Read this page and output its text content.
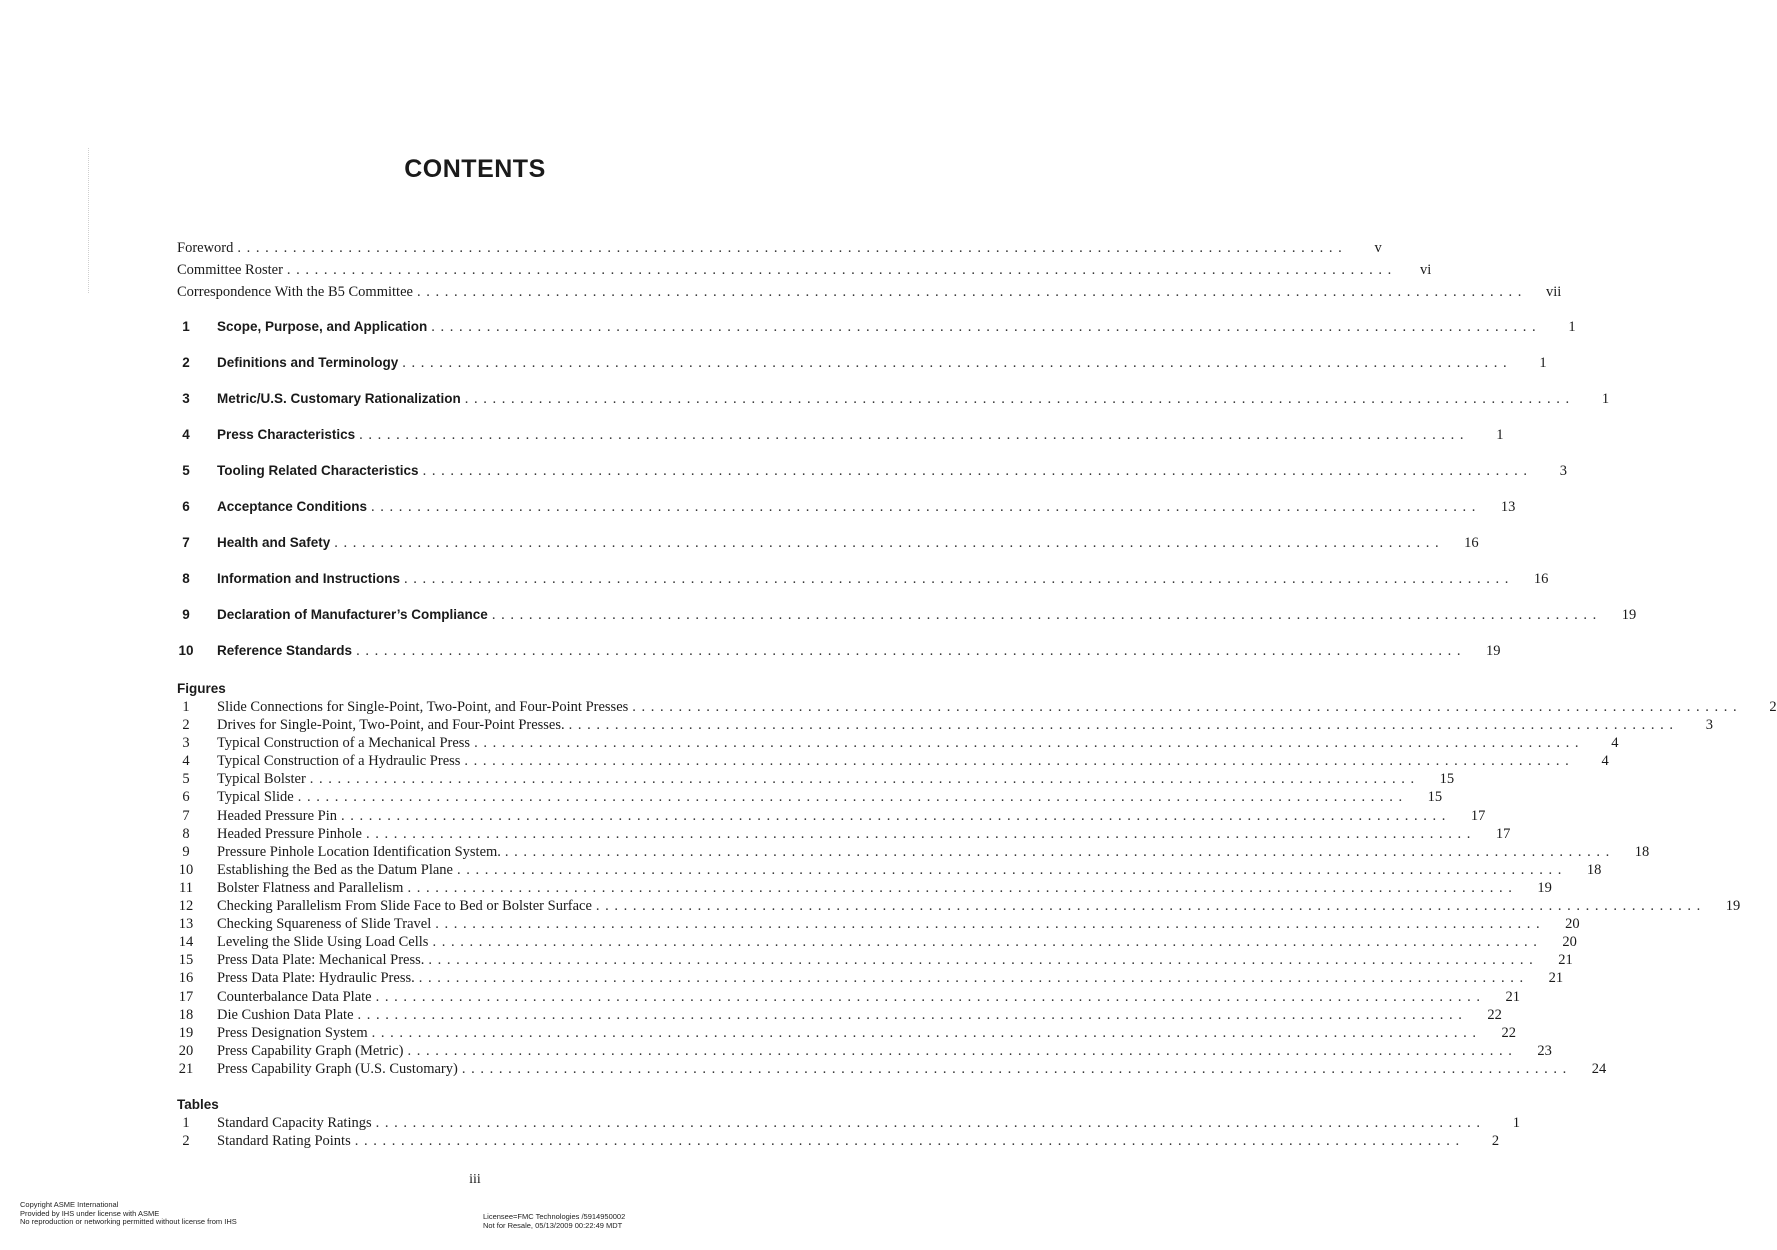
CONTENTS
Foreword . . . . . . . . . . . . . . . . . . . . . . . . . . . . . . . . . . . . . . . . . . . . . . . . . . . . . . . . . . . . . . . . . . . . . . . . . . . . . . . . . . . . . . . . . . . . . . . . . . . . . . . . . . . . . . . . . . . . . . . .	v
Committee Roster . . . . . . . . . . . . . . . . . . . . . . . . . . . . . . . . . . . . . . . . . . . . . . . . . . . . . . . . . . . . . . . . . . . . . . . . . . . . . . . . . . . . . . . . . . . . . . . . . . . . . . . . . . . . . . . . . . . . . . . .	vi
Correspondence With the B5 Committee . . . . . . . . . . . . . . . . . . . . . . . . . . . . . . . . . . . . . . . . . . . . . . . . . . . . . . . . . . . . . . . . . . . . . . . . . . . . . . . . . . . . . . . . . . . . . . . . . . . . . . . . . . . . . . . . . . . . . . . .	vii
1	Scope, Purpose, and Application . . . . . . . . . . . . . . . . . . . . . . . . . . . . . . . . . . . . . . . . . . . . . . . . . . . . . . . . . . . . . . . . . . . . . . . . . . . . . . . . . . . . . . . . . . . . . . . . . . . . . . . . . . . . . . . . . . . . . . . .	1
2	Definitions and Terminology . . . . . . . . . . . . . . . . . . . . . . . . . . . . . . . . . . . . . . . . . . . . . . . . . . . . . . . . . . . . . . . . . . . . . . . . . . . . . . . . . . . . . . . . . . . . . . . . . . . . . . . . . . . . . . . . . . . . . . . .	1
3	Metric/U.S. Customary Rationalization . . . . . . . . . . . . . . . . . . . . . . . . . . . . . . . . . . . . . . . . . . . . . . . . . . . . . . . . . . . . . . . . . . . . . . . . . . . . . . . . . . . . . . . . . . . . . . . . . . . . . . . . . . . . . . . . . . . . . . . .	1
4	Press Characteristics . . . . . . . . . . . . . . . . . . . . . . . . . . . . . . . . . . . . . . . . . . . . . . . . . . . . . . . . . . . . . . . . . . . . . . . . . . . . . . . . . . . . . . . . . . . . . . . . . . . . . . . . . . . . . . . . . . . . . . . .	1
5	Tooling Related Characteristics . . . . . . . . . . . . . . . . . . . . . . . . . . . . . . . . . . . . . . . . . . . . . . . . . . . . . . . . . . . . . . . . . . . . . . . . . . . . . . . . . . . . . . . . . . . . . . . . . . . . . . . . . . . . . . . . . . . . . . . .	3
6	Acceptance Conditions . . . . . . . . . . . . . . . . . . . . . . . . . . . . . . . . . . . . . . . . . . . . . . . . . . . . . . . . . . . . . . . . . . . . . . . . . . . . . . . . . . . . . . . . . . . . . . . . . . . . . . . . . . . . . . . . . . . . . . . .	13
7	Health and Safety . . . . . . . . . . . . . . . . . . . . . . . . . . . . . . . . . . . . . . . . . . . . . . . . . . . . . . . . . . . . . . . . . . . . . . . . . . . . . . . . . . . . . . . . . . . . . . . . . . . . . . . . . . . . . . . . . . . . . . . .	16
8	Information and Instructions . . . . . . . . . . . . . . . . . . . . . . . . . . . . . . . . . . . . . . . . . . . . . . . . . . . . . . . . . . . . . . . . . . . . . . . . . . . . . . . . . . . . . . . . . . . . . . . . . . . . . . . . . . . . . . . . . . . . . . . .	16
9	Declaration of Manufacturer’s Compliance . . . . . . . . . . . . . . . . . . . . . . . . . . . . . . . . . . . . . . . . . . . . . . . . . . . . . . . . . . . . . . . . . . . . . . . . . . . . . . . . . . . . . . . . . . . . . . . . . . . . . . . . . . . . . . . . . . . . . . . .	19
10	Reference Standards . . . . . . . . . . . . . . . . . . . . . . . . . . . . . . . . . . . . . . . . . . . . . . . . . . . . . . . . . . . . . . . . . . . . . . . . . . . . . . . . . . . . . . . . . . . . . . . . . . . . . . . . . . . . . . . . . . . . . . . .	19
Figures
1	Slide Connections for Single-Point, Two-Point, and Four-Point Presses . . . . . . . . . . . . . . . . . . . . . . . . . . . . . . . . . . . . . . . . . . . . . . . . . . . . . . . . . . . . . . . . . . . . . . . . . . . . . . . . . . . . . . . . . . . . . . . . . . . . . . . . . . . . . . . . . . . . . . . .	2
2	Drives for Single-Point, Two-Point, and Four-Point Presses. . . . . . . . . . . . . . . . . . . . . . . . . . . . . . . . . . . . . . . . . . . . . . . . . . . . . . . . . . . . . . . . . . . . . . . . . . . . . . . . . . . . . . . . . . . . . . . . . . . . . . . . . . . . . . . . . . . . . . . . .	3
3	Typical Construction of a Mechanical Press . . . . . . . . . . . . . . . . . . . . . . . . . . . . . . . . . . . . . . . . . . . . . . . . . . . . . . . . . . . . . . . . . . . . . . . . . . . . . . . . . . . . . . . . . . . . . . . . . . . . . . . . . . . . . . . . . . . . . . . .	4
4	Typical Construction of a Hydraulic Press . . . . . . . . . . . . . . . . . . . . . . . . . . . . . . . . . . . . . . . . . . . . . . . . . . . . . . . . . . . . . . . . . . . . . . . . . . . . . . . . . . . . . . . . . . . . . . . . . . . . . . . . . . . . . . . . . . . . . . . .	4
5	Typical Bolster . . . . . . . . . . . . . . . . . . . . . . . . . . . . . . . . . . . . . . . . . . . . . . . . . . . . . . . . . . . . . . . . . . . . . . . . . . . . . . . . . . . . . . . . . . . . . . . . . . . . . . . . . . . . . . . . . . . . . . . .	15
6	Typical Slide . . . . . . . . . . . . . . . . . . . . . . . . . . . . . . . . . . . . . . . . . . . . . . . . . . . . . . . . . . . . . . . . . . . . . . . . . . . . . . . . . . . . . . . . . . . . . . . . . . . . . . . . . . . . . . . . . . . . . . . .	15
7	Headed Pressure Pin . . . . . . . . . . . . . . . . . . . . . . . . . . . . . . . . . . . . . . . . . . . . . . . . . . . . . . . . . . . . . . . . . . . . . . . . . . . . . . . . . . . . . . . . . . . . . . . . . . . . . . . . . . . . . . . . . . . . . . . .	17
8	Headed Pressure Pinhole . . . . . . . . . . . . . . . . . . . . . . . . . . . . . . . . . . . . . . . . . . . . . . . . . . . . . . . . . . . . . . . . . . . . . . . . . . . . . . . . . . . . . . . . . . . . . . . . . . . . . . . . . . . . . . . . . . . . . . . .	17
9	Pressure Pinhole Location Identification System. . . . . . . . . . . . . . . . . . . . . . . . . . . . . . . . . . . . . . . . . . . . . . . . . . . . . . . . . . . . . . . . . . . . . . . . . . . . . . . . . . . . . . . . . . . . . . . . . . . . . . . . . . . . . . . . . . . . . . . . .	18
10	Establishing the Bed as the Datum Plane . . . . . . . . . . . . . . . . . . . . . . . . . . . . . . . . . . . . . . . . . . . . . . . . . . . . . . . . . . . . . . . . . . . . . . . . . . . . . . . . . . . . . . . . . . . . . . . . . . . . . . . . . . . . . . . . . . . . . . . .	18
11	Bolster Flatness and Parallelism . . . . . . . . . . . . . . . . . . . . . . . . . . . . . . . . . . . . . . . . . . . . . . . . . . . . . . . . . . . . . . . . . . . . . . . . . . . . . . . . . . . . . . . . . . . . . . . . . . . . . . . . . . . . . . . . . . . . . . . .	19
12	Checking Parallelism From Slide Face to Bed or Bolster Surface . . . . . . . . . . . . . . . . . . . . . . . . . . . . . . . . . . . . . . . . . . . . . . . . . . . . . . . . . . . . . . . . . . . . . . . . . . . . . . . . . . . . . . . . . . . . . . . . . . . . . . . . . . . . . . . . . . . . . . . .	19
13	Checking Squareness of Slide Travel . . . . . . . . . . . . . . . . . . . . . . . . . . . . . . . . . . . . . . . . . . . . . . . . . . . . . . . . . . . . . . . . . . . . . . . . . . . . . . . . . . . . . . . . . . . . . . . . . . . . . . . . . . . . . . . . . . . . . . . .	20
14	Leveling the Slide Using Load Cells . . . . . . . . . . . . . . . . . . . . . . . . . . . . . . . . . . . . . . . . . . . . . . . . . . . . . . . . . . . . . . . . . . . . . . . . . . . . . . . . . . . . . . . . . . . . . . . . . . . . . . . . . . . . . . . . . . . . . . . .	20
15	Press Data Plate: Mechanical Press. . . . . . . . . . . . . . . . . . . . . . . . . . . . . . . . . . . . . . . . . . . . . . . . . . . . . . . . . . . . . . . . . . . . . . . . . . . . . . . . . . . . . . . . . . . . . . . . . . . . . . . . . . . . . . . . . . . . . . . . .	21
16	Press Data Plate: Hydraulic Press. . . . . . . . . . . . . . . . . . . . . . . . . . . . . . . . . . . . . . . . . . . . . . . . . . . . . . . . . . . . . . . . . . . . . . . . . . . . . . . . . . . . . . . . . . . . . . . . . . . . . . . . . . . . . . . . . . . . . . . . .	21
17	Counterbalance Data Plate . . . . . . . . . . . . . . . . . . . . . . . . . . . . . . . . . . . . . . . . . . . . . . . . . . . . . . . . . . . . . . . . . . . . . . . . . . . . . . . . . . . . . . . . . . . . . . . . . . . . . . . . . . . . . . . . . . . . . . . .	21
18	Die Cushion Data Plate . . . . . . . . . . . . . . . . . . . . . . . . . . . . . . . . . . . . . . . . . . . . . . . . . . . . . . . . . . . . . . . . . . . . . . . . . . . . . . . . . . . . . . . . . . . . . . . . . . . . . . . . . . . . . . . . . . . . . . . .	22
19	Press Designation System . . . . . . . . . . . . . . . . . . . . . . . . . . . . . . . . . . . . . . . . . . . . . . . . . . . . . . . . . . . . . . . . . . . . . . . . . . . . . . . . . . . . . . . . . . . . . . . . . . . . . . . . . . . . . . . . . . . . . . . .	22
20	Press Capability Graph (Metric) . . . . . . . . . . . . . . . . . . . . . . . . . . . . . . . . . . . . . . . . . . . . . . . . . . . . . . . . . . . . . . . . . . . . . . . . . . . . . . . . . . . . . . . . . . . . . . . . . . . . . . . . . . . . . . . . . . . . . . . .	23
21	Press Capability Graph (U.S. Customary) . . . . . . . . . . . . . . . . . . . . . . . . . . . . . . . . . . . . . . . . . . . . . . . . . . . . . . . . . . . . . . . . . . . . . . . . . . . . . . . . . . . . . . . . . . . . . . . . . . . . . . . . . . . . . . . . . . . . . . . .	24
Tables
1	Standard Capacity Ratings . . . . . . . . . . . . . . . . . . . . . . . . . . . . . . . . . . . . . . . . . . . . . . . . . . . . . . . . . . . . . . . . . . . . . . . . . . . . . . . . . . . . . . . . . . . . . . . . . . . . . . . . . . . . . . . . . . . . . . . .	1
2	Standard Rating Points . . . . . . . . . . . . . . . . . . . . . . . . . . . . . . . . . . . . . . . . . . . . . . . . . . . . . . . . . . . . . . . . . . . . . . . . . . . . . . . . . . . . . . . . . . . . . . . . . . . . . . . . . . . . . . . . . . . . . . . .	2
iii
Copyright ASME International
Provided by IHS under license with ASME
No reproduction or networking permitted without license from IHS
Licensee=FMC Technologies /5914950002
Not for Resale, 05/13/2009 00:22:49 MDT
